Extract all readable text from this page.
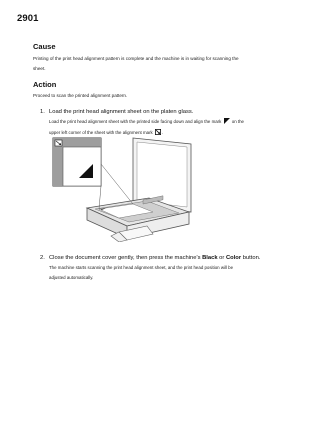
2901
Cause
Printing of the print head alignment pattern is complete and the machine is in waiting for scanning the
sheet.
Action
Proceed to scan the printed alignment pattern.
1. Load the print head alignment sheet on the platen glass.
Load the print head alignment sheet with the printed side facing down and align the mark on the
upper left corner of the sheet with the alignment mark .
2. Close the document cover gently, then press the machine's Black or Color button.
The machine starts scanning the print head alignment sheet, and the print head position will be
adjusted automatically.
